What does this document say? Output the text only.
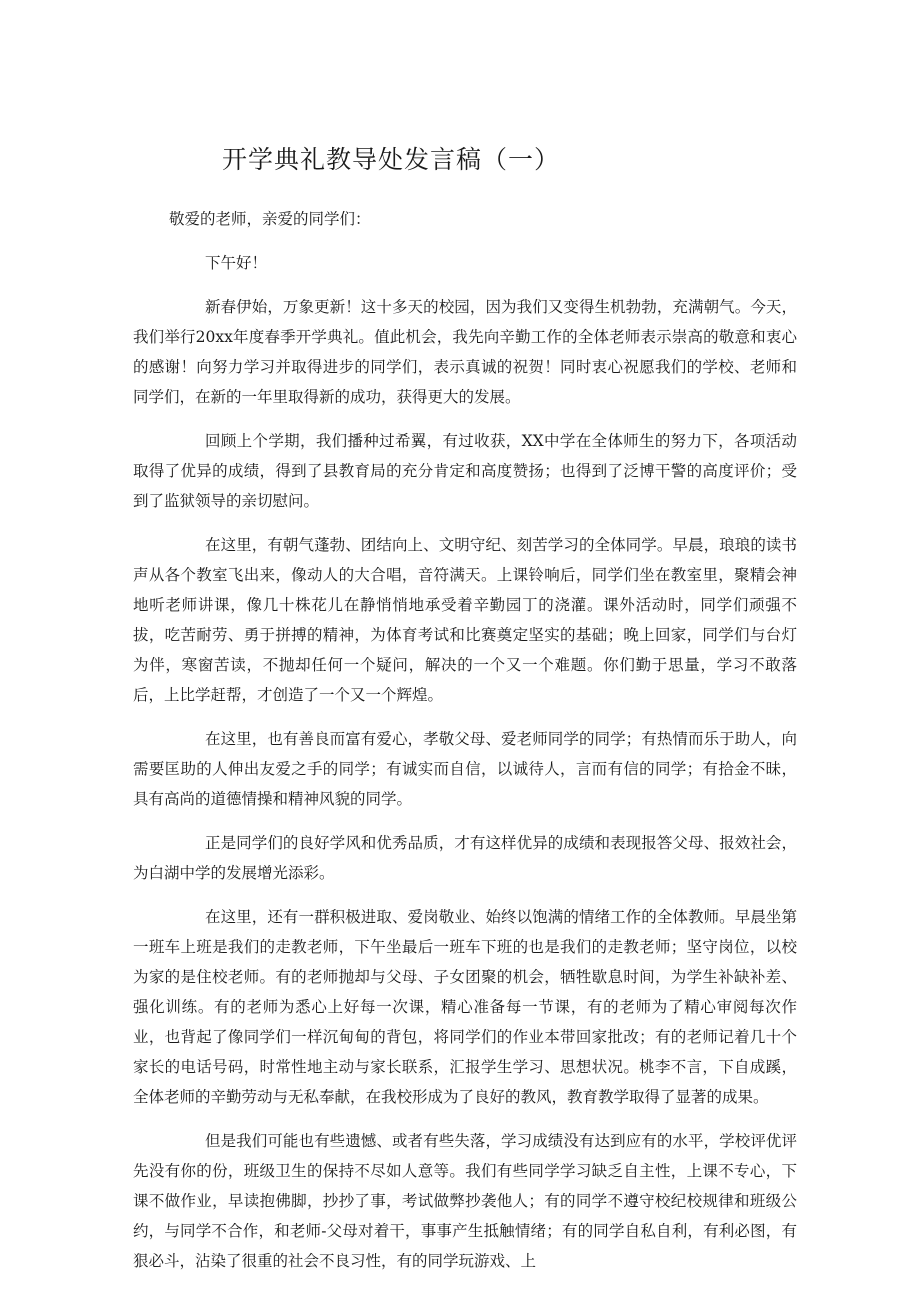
开学典礼教导处发言稿（一）

敬爱的老师，亲爱的同学们：

下午好！

新春伊始，万象更新！这十多天的校园，因为我们又变得生机勃勃，充满朝气。今天，我们举行20xx年度春季开学典礼。值此机会，我先向辛勤工作的全体老师表示崇高的敬意和衷心的感谢！向努力学习并取得进步的同学们，表示真诚的祝贺！同时衷心祝愿我们的学校、老师和同学们，在新的一年里取得新的成功，获得更大的发展。

回顾上个学期，我们播种过希翼，有过收获，XX中学在全体师生的努力下，各项活动取得了优异的成绩，得到了县教育局的充分肯定和高度赞扬；也得到了泛博干警的高度评价；受到了监狱领导的亲切慰问。

在这里，有朝气蓬勃、团结向上、文明守纪、刻苦学习的全体同学。早晨，琅琅的读书声从各个教室飞出来，像动人的大合唱，音符满天。上课铃响后，同学们坐在教室里，聚精会神地听老师讲课，像几十株花儿在静悄悄地承受着辛勤园丁的浇灌。课外活动时，同学们顽强不拔，吃苦耐劳、勇于拼搏的精神，为体育考试和比赛奠定坚实的基础；晚上回家，同学们与台灯为伴，寒窗苦读，不抛却任何一个疑问，解决的一个又一个难题。你们勤于思量，学习不敢落后，上比学赶帮，才创造了一个又一个辉煌。

在这里，也有善良而富有爱心，孝敬父母、爱老师同学的同学；有热情而乐于助人，向需要匡助的人伸出友爱之手的同学；有诚实而自信，以诚待人，言而有信的同学；有拾金不昧，具有高尚的道德情操和精神风貌的同学。

正是同学们的良好学风和优秀品质，才有这样优异的成绩和表现报答父母、报效社会，为白湖中学的发展增光添彩。

在这里，还有一群积极进取、爱岗敬业、始终以饱满的情绪工作的全体教师。早晨坐第一班车上班是我们的走教老师，下午坐最后一班车下班的也是我们的走教老师；坚守岗位，以校为家的是住校老师。有的老师抛却与父母、子女团聚的机会，牺牲歇息时间，为学生补缺补差、强化训练。有的老师为悉心上好每一次课，精心准备每一节课，有的老师为了精心审阅每次作业，也背起了像同学们一样沉甸甸的背包，将同学们的作业本带回家批改；有的老师记着几十个家长的电话号码，时常性地主动与家长联系，汇报学生学习、思想状况。桃李不言，下自成蹊，全体老师的辛勤劳动与无私奉献，在我校形成为了良好的教风，教育教学取得了显著的成果。

但是我们可能也有些遗憾、或者有些失落，学习成绩没有达到应有的水平，学校评优评先没有你的份，班级卫生的保持不尽如人意等。我们有些同学学习缺乏自主性，上课不专心，下课不做作业，早读抱佛脚，抄抄了事，考试做弊抄袭他人；有的同学不遵守校纪校规律和班级公约，与同学不合作，和老师-父母对着干，事事产生抵触情绪；有的同学自私自利，有利必图，有狠必斗，沾染了很重的社会不良习性，有的同学玩游戏、上
